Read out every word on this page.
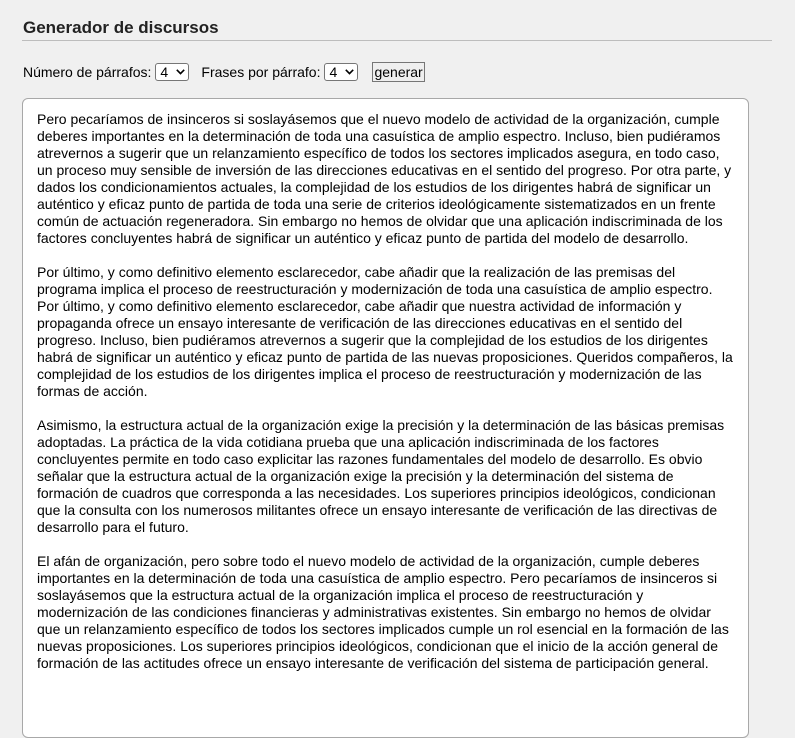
Generador de discursos
Número de párrafos: 4 Frases por párrafo: 4	generar

Pero pecaríamos de insinceros si soslayásemos que el nuevo modelo de actividad de la organización, cumple deberes importantes en la determinación de toda una casuística de amplio espectro. Incluso, bien pudiéramos atrevernos a sugerir que un relanzamiento específico de todos los sectores implicados asegura, en todo caso, un proceso muy sensible de inversión de las direcciones educativas en el sentido del progreso. Por otra parte, y dados los condicionamientos actuales, la complejidad de los estudios de los dirigentes habrá de significar un auténtico y eficaz punto de partida de toda una serie de criterios ideológicamente sistematizados en un frente común de actuación regeneradora. Sin embargo no hemos de olvidar que una aplicación indiscriminada de los factores concluyentes habrá de significar un auténtico y eficaz punto de partida del modelo de desarrollo.

Por último, y como definitivo elemento esclarecedor, cabe añadir que la realización de las premisas del programa implica el proceso de reestructuración y modernización de toda una casuística de amplio espectro. Por último, y como definitivo elemento esclarecedor, cabe añadir que nuestra actividad de información y propaganda ofrece un ensayo interesante de verificación de las direcciones educativas en el sentido del progreso. Incluso, bien pudiéramos atrevernos a sugerir que la complejidad de los estudios de los dirigentes habrá de significar un auténtico y eficaz punto de partida de las nuevas proposiciones. Queridos compañeros, la complejidad de los estudios de los dirigentes implica el proceso de reestructuración y modernización de las formas de acción.

Asimismo, la estructura actual de la organización exige la precisión y la determinación de las básicas premisas adoptadas. La práctica de la vida cotidiana prueba que una aplicación indiscriminada de los factores concluyentes permite en todo caso explicitar las razones fundamentales del modelo de desarrollo. Es obvio señalar que la estructura actual de la organización exige la precisión y la determinación del sistema de formación de cuadros que corresponda a las necesidades. Los superiores principios ideológicos, condicionan que la consulta con los numerosos militantes ofrece un ensayo interesante de verificación de las directivas de desarrollo para el futuro.

El afán de organización, pero sobre todo el nuevo modelo de actividad de la organización, cumple deberes importantes en la determinación de toda una casuística de amplio espectro. Pero pecaríamos de insinceros si soslayásemos que la estructura actual de la organización implica el proceso de reestructuración y modernización de las condiciones financieras y administrativas existentes. Sin embargo no hemos de olvidar que un relanzamiento específico de todos los sectores implicados cumple un rol esencial en la formación de las nuevas proposiciones. Los superiores principios ideológicos, condicionan que el inicio de la acción general de formación de las actitudes ofrece un ensayo interesante de verificación del sistema de participación general.
